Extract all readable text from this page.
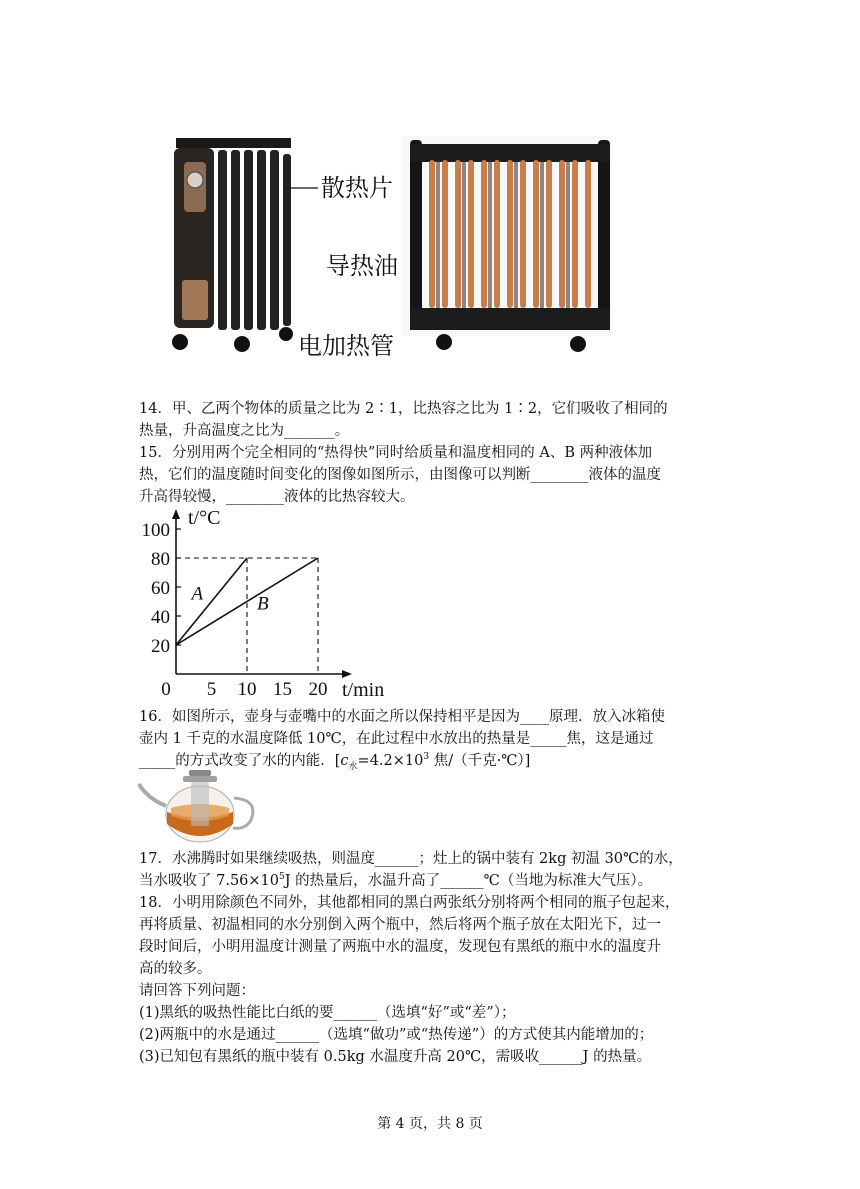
散热片
导热油
电加热管
14．甲、乙两个物体的质量之比为 2∶1，比热容之比为 1∶2，它们吸收了相同的
热量，升高温度之比为_______。
15．分别用两个完全相同的“热得快”同时给质量和温度相同的 A、B 两种液体加
热，它们的温度随时间变化的图像如图所示，由图像可以判断________液体的温度
升高得较慢，________液体的比热容较大。
A	B
100
80
60
40
20
0 5 10 15 20
t/°C
t/min
16．如图所示，壶身与壶嘴中的水面之所以保持相平是因为____原理．放入冰箱使
壶内 1 千克的水温度降低 10℃，在此过程中水放出的热量是_____焦，这是通过
_____的方式改变了水的内能．[$c_水=4.2\times 10^3$ 焦/（千克·℃）]
17．水沸腾时如果继续吸热，则温度______；灶上的锅中装有 2kg 初温 30℃的水，
当水吸收了 $7.56\times 10^5J$ 的热量后，水温升高了______℃（当地为标准大气压）。
18．小明用除颜色不同外，其他都相同的黑白两张纸分别将两个相同的瓶子包起来，
再将质量、初温相同的水分别倒入两个瓶中，然后将两个瓶子放在太阳光下，过一
段时间后，小明用温度计测量了两瓶中水的温度，发现包有黑纸的瓶中水的温度升
高的较多。
请回答下列问题：
(1)黑纸的吸热性能比白纸的要______（选填“好”或“差”）；
(2)两瓶中的水是通过______（选填“做功”或“热传递”）的方式使其内能增加的；
(3)已知包有黑纸的瓶中装有 0.5kg 水温度升高 20℃，需吸收______J 的热量。
第 4 页，共 8 页
